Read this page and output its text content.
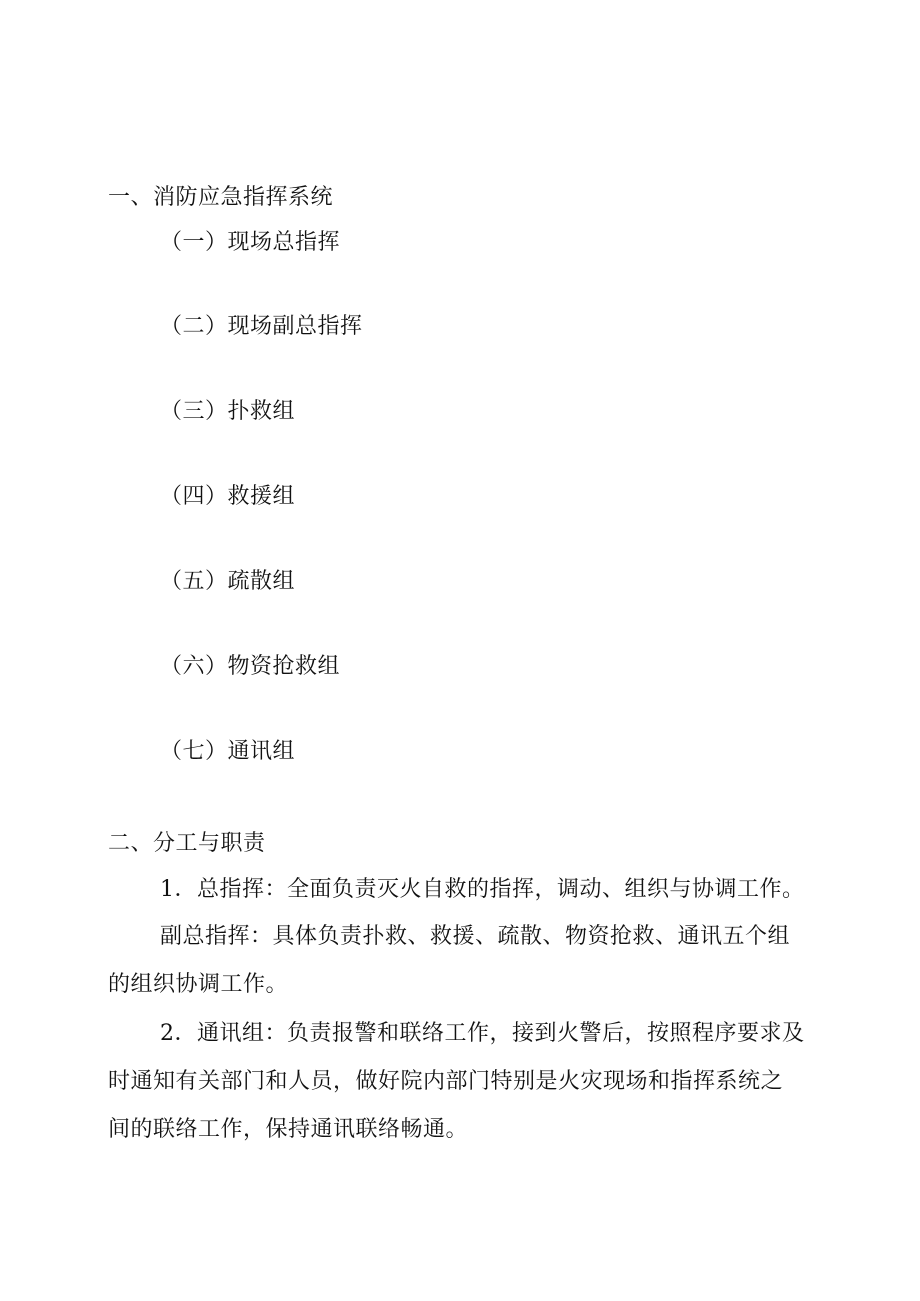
一、消防应急指挥系统
（一）现场总指挥
（二）现场副总指挥
（三）扑救组
（四）救援组
（五）疏散组
（六）物资抢救组
（七）通讯组
二、分工与职责
1．总指挥：全面负责灭火自救的指挥，调动、组织与协调工作。
副总指挥：具体负责扑救、救援、疏散、物资抢救、通讯五个组
的组织协调工作。
2．通讯组：负责报警和联络工作，接到火警后，按照程序要求及
时通知有关部门和人员，做好院内部门特别是火灾现场和指挥系统之
间的联络工作，保持通讯联络畅通。
